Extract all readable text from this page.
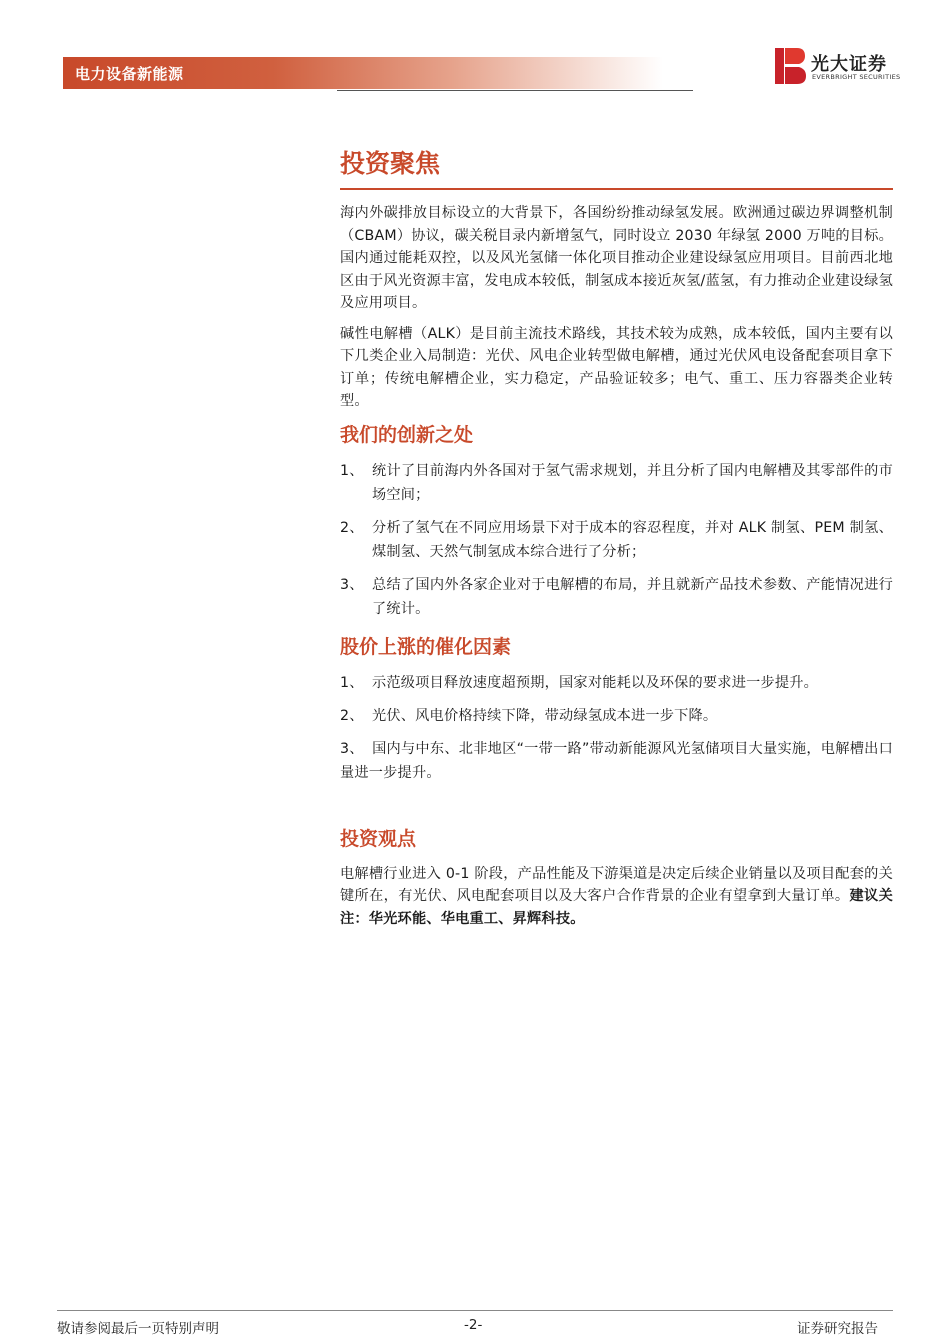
电力设备新能源	光大证券
EVERBRIGHT SECURITIES
投资聚焦

海内外碳排放目标设立的大背景下，各国纷纷推动绿氢发展。欧洲通过碳边界调整机制（CBAM）协议，碳关税目录内新增氢气，同时设立 2030 年绿氢 2000 万吨的目标。国内通过能耗双控，以及风光氢储一体化项目推动企业建设绿氢应用项目。目前西北地区由于风光资源丰富，发电成本较低，制氢成本接近灰氢/蓝氢，有力推动企业建设绿氢及应用项目。

碱性电解槽（ALK）是目前主流技术路线，其技术较为成熟，成本较低，国内主要有以下几类企业入局制造：光伏、风电企业转型做电解槽，通过光伏风电设备配套项目拿下订单；传统电解槽企业，实力稳定，产品验证较多；电气、重工、压力容器类企业转型。

我们的创新之处
1、 统计了目前海内外各国对于氢气需求规划，并且分析了国内电解槽及其零部件的市场空间；
2、 分析了氢气在不同应用场景下对于成本的容忍程度，并对 ALK 制氢、PEM 制氢、煤制氢、天然气制氢成本综合进行了分析；
3、 总结了国内外各家企业对于电解槽的布局，并且就新产品技术参数、产能情况进行了统计。
股价上涨的催化因素
1、 示范级项目释放速度超预期，国家对能耗以及环保的要求进一步提升。
2、 光伏、风电价格持续下降，带动绿氢成本进一步下降。
3、 国内与中东、北非地区“一带一路”带动新能源风光氢储项目大量实施，电解槽出口量进一步提升。
投资观点

电解槽行业进入 0-1 阶段，产品性能及下游渠道是决定后续企业销量以及项目配套的关键所在，有光伏、风电配套项目以及大客户合作背景的企业有望拿到大量订单。建议关注：华光环能、华电重工、昇辉科技。

敬请参阅最后一页特别声明	-2-	证券研究报告
